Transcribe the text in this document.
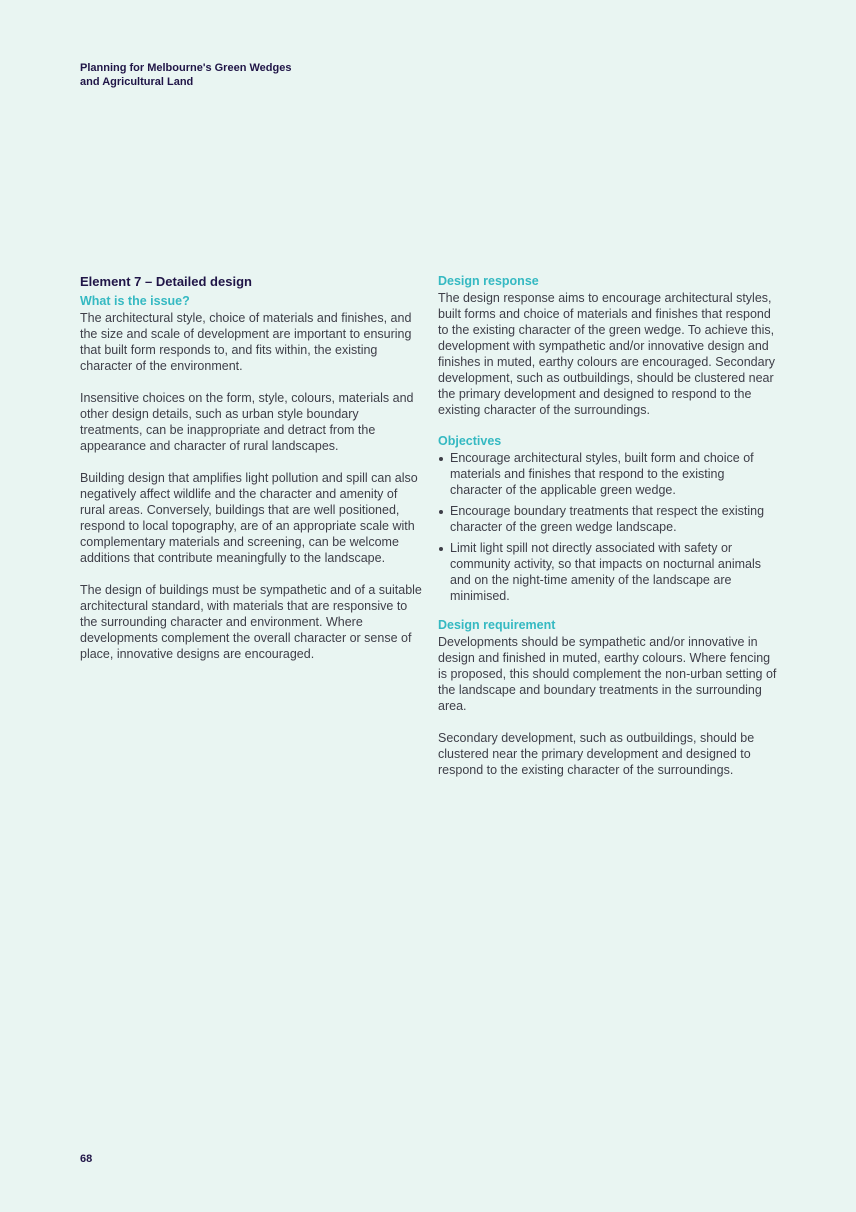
Planning for Melbourne's Green Wedges and Agricultural Land
Element 7 – Detailed design
What is the issue?

The architectural style, choice of materials and finishes, and the size and scale of development are important to ensuring that built form responds to, and fits within, the existing character of the environment.

Insensitive choices on the form, style, colours, materials and other design details, such as urban style boundary treatments, can be inappropriate and detract from the appearance and character of rural landscapes.

Building design that amplifies light pollution and spill can also negatively affect wildlife and the character and amenity of rural areas. Conversely, buildings that are well positioned, respond to local topography, are of an appropriate scale with complementary materials and screening, can be welcome additions that contribute meaningfully to the landscape.

The design of buildings must be sympathetic and of a suitable architectural standard, with materials that are responsive to the surrounding character and environment. Where developments complement the overall character or sense of place, innovative designs are encouraged.

Design response

The design response aims to encourage architectural styles, built forms and choice of materials and finishes that respond to the existing character of the green wedge. To achieve this, development with sympathetic and/or innovative design and finishes in muted, earthy colours are encouraged. Secondary development, such as outbuildings, should be clustered near the primary development and designed to respond to the existing character of the surroundings.

Objectives
Encourage architectural styles, built form and choice of materials and finishes that respond to the existing character of the applicable green wedge.
Encourage boundary treatments that respect the existing character of the green wedge landscape.
Limit light spill not directly associated with safety or community activity, so that impacts on nocturnal animals and on the night-time amenity of the landscape are minimised.
Design requirement

Developments should be sympathetic and/or innovative in design and finished in muted, earthy colours. Where fencing is proposed, this should complement the non-urban setting of the landscape and boundary treatments in the surrounding area.

Secondary development, such as outbuildings, should be clustered near the primary development and designed to respond to the existing character of the surroundings.

68
